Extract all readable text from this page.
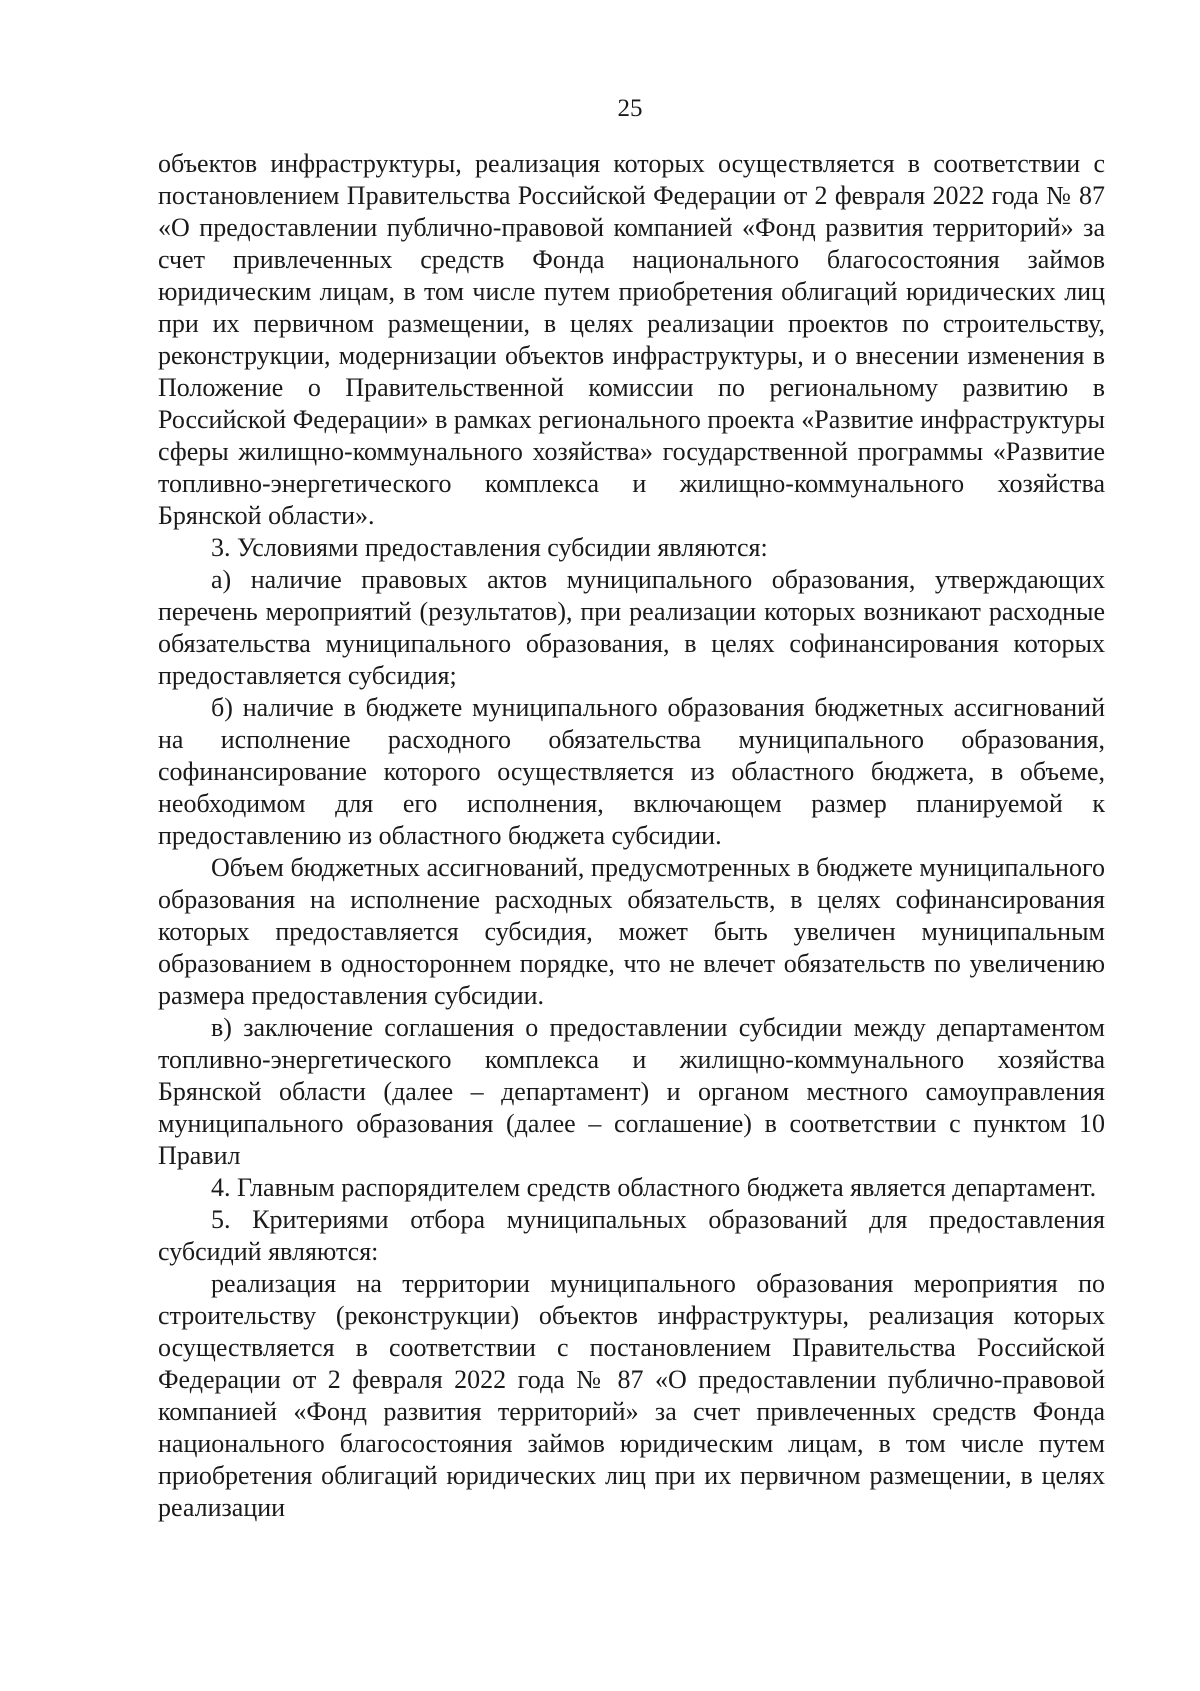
25

объектов инфраструктуры, реализация которых осуществляется в соответствии с постановлением Правительства Российской Федерации от 2 февраля 2022 года № 87 «О предоставлении публично-правовой компанией «Фонд развития территорий» за счет привлеченных средств Фонда национального благосостояния займов юридическим лицам, в том числе путем приобретения облигаций юридических лиц при их первичном размещении, в целях реализации проектов по строительству, реконструкции, модернизации объектов инфраструктуры, и о внесении изменения в Положение о Правительственной комиссии по региональному развитию в Российской Федерации» в рамках регионального проекта «Развитие инфраструктуры сферы жилищно-коммунального хозяйства» государственной программы «Развитие топливно-энергетического комплекса и жилищно-коммунального хозяйства Брянской области».

3. Условиями предоставления субсидии являются:

а) наличие правовых актов муниципального образования, утверждающих перечень мероприятий (результатов), при реализации которых возникают расходные обязательства муниципального образования, в целях софинансирования которых предоставляется субсидия;

б) наличие в бюджете муниципального образования бюджетных ассигнований на исполнение расходного обязательства муниципального образования, софинансирование которого осуществляется из областного бюджета, в объеме, необходимом для его исполнения, включающем размер планируемой к предоставлению из областного бюджета субсидии.

Объем бюджетных ассигнований, предусмотренных в бюджете муниципального образования на исполнение расходных обязательств, в целях софинансирования которых предоставляется субсидия, может быть увеличен муниципальным образованием в одностороннем порядке, что не влечет обязательств по увеличению размера предоставления субсидии.

в) заключение соглашения о предоставлении субсидии между департаментом топливно-энергетического комплекса и жилищно-коммунального хозяйства Брянской области (далее – департамент) и органом местного самоуправления муниципального образования (далее – соглашение) в соответствии с пунктом 10 Правил

4. Главным распорядителем средств областного бюджета является департамент.

5. Критериями отбора муниципальных образований для предоставления субсидий являются:

реализация на территории муниципального образования мероприятия по строительству (реконструкции) объектов инфраструктуры, реализация которых осуществляется в соответствии с постановлением Правительства Российской Федерации от 2 февраля 2022 года № 87 «О предоставлении публично-правовой компанией «Фонд развития территорий» за счет привлеченных средств Фонда национального благосостояния займов юридическим лицам, в том числе путем приобретения облигаций юридических лиц при их первичном размещении, в целях реализации
